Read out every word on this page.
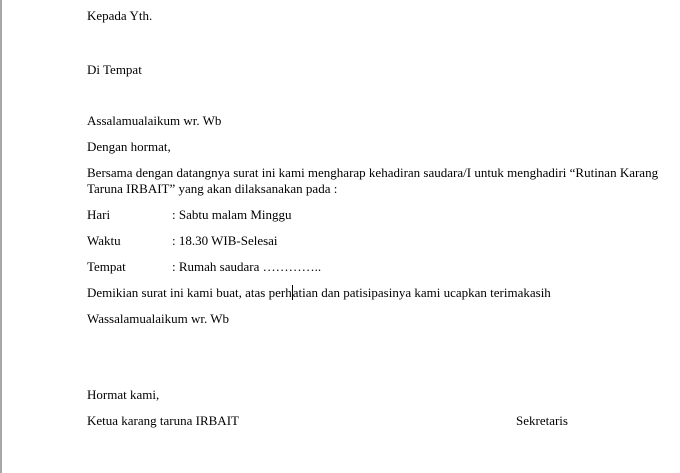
Kepada Yth.
Di Tempat
Assalamualaikum wr. Wb
Dengan hormat,
Bersama dengan datangnya surat ini kami mengharap kehadiran saudara/I untuk menghadiri “Rutinan Karang Taruna IRBAIT” yang akan dilaksanakan pada :
Hari	: Sabtu malam Minggu
Waktu	: 18.30 WIB-Selesai
Tempat	: Rumah saudara …………..
Demikian surat ini kami buat, atas perhatian dan patisipasinya kami ucapkan terimakasih
Wassalamualaikum wr. Wb
Hormat kami,
Ketua karang taruna IRBAIT	Sekretaris
